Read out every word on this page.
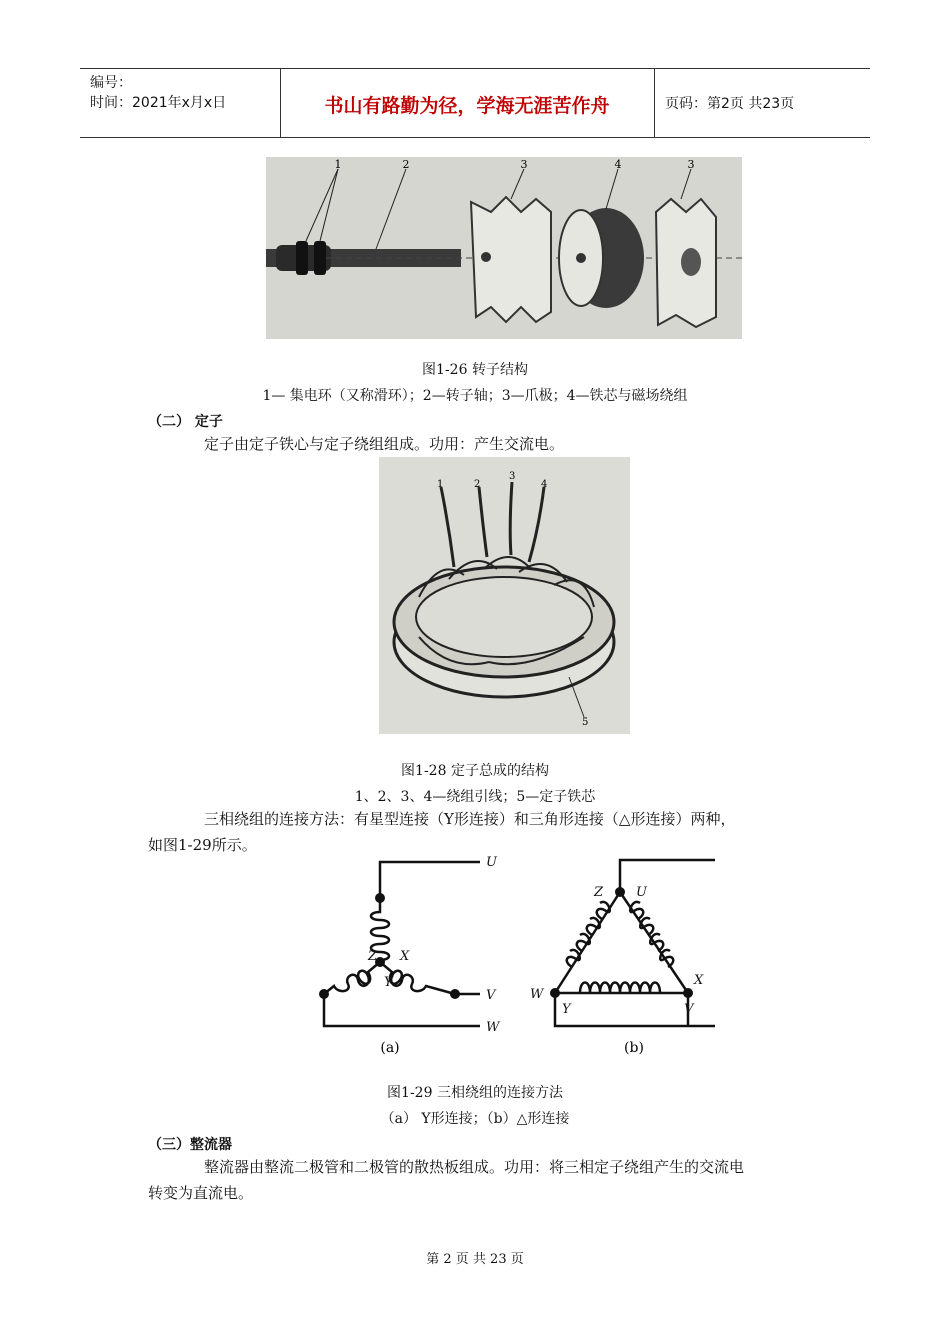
编号：
时间：2021年x月x日	书山有路勤为径，学海无涯苦作舟	页码：第2页 共23页
1	2	3	4	3
图1-26 转子结构
1— 集电环（又称滑环）；2—转子轴；3—爪极；4—铁芯与磁场绕组
（二） 定子
定子由定子铁心与定子绕组组成。功用：产生交流电。
1	2
3
4
5
图1-28 定子总成的结构
1、2、3、4—绕组引线；5—定子铁芯
三相绕组的连接方法：有星型连接（Y形连接）和三角形连接（△形连接）两种，
如图1-29所示。
U
V
W
Z X
Y
(a)
Z	U
W
X
Y	V
(b)
图1-29 三相绕组的连接方法
（a） Y形连接；（b）△形连接
（三）整流器
整流器由整流二极管和二极管的散热板组成。功用：将三相定子绕组产生的交流电
转变为直流电。
第 2 页 共 23 页
